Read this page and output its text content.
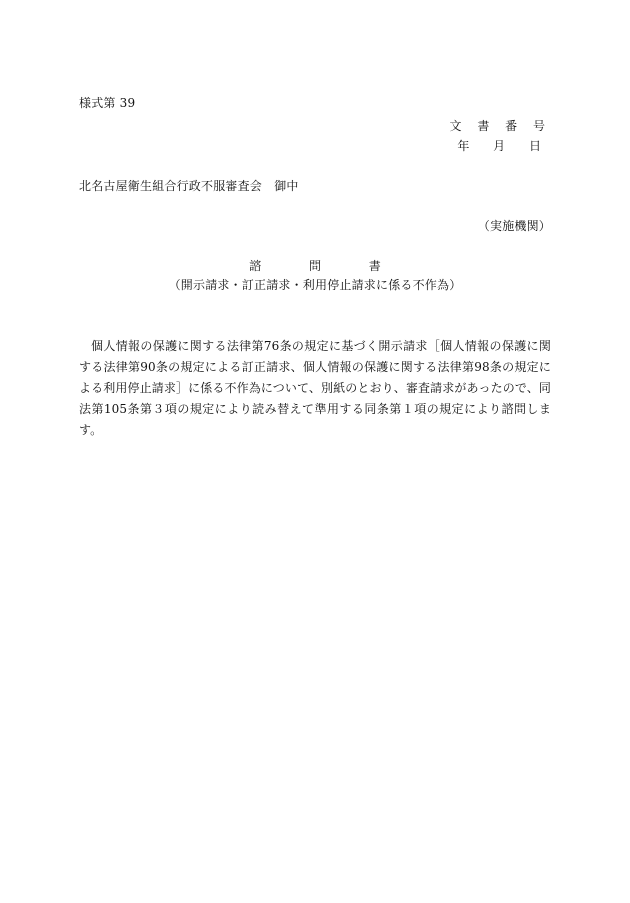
様式第 39
文 書 番 号
年 月 日
北名古屋衛生組合行政不服審査会　御中
（実施機関）
諮 問 書
（開示請求・訂正請求・利用停止請求に係る不作為）
個人情報の保護に関する法律第76条の規定に基づく開示請求［個人情報の保護に関する法律第90条の規定による訂正請求、個人情報の保護に関する法律第98条の規定による利用停止請求］に係る不作為について、別紙のとおり、審査請求があったので、同法第105条第３項の規定により読み替えて準用する同条第１項の規定により諮問します。
